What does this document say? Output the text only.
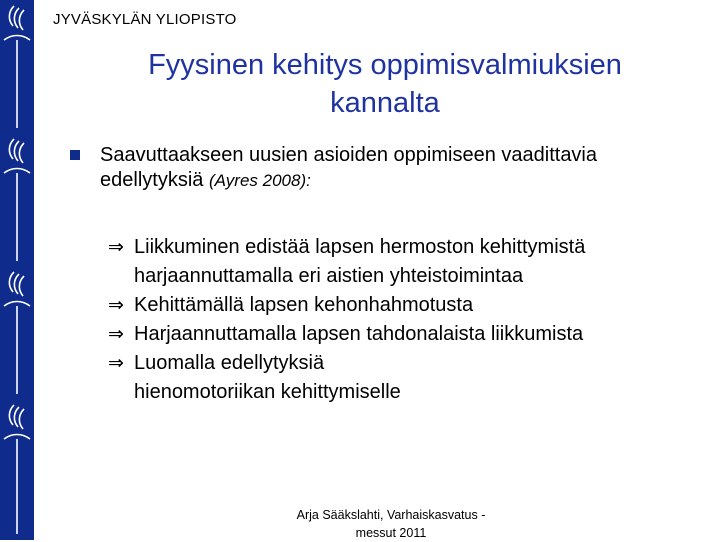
JYVÄSKYLÄN YLIOPISTO
Fyysinen kehitys oppimisvalmiuksien
kannalta
Saavuttaakseen uusien asioiden oppimiseen vaadittavia edellytyksiä (Ayres 2008):
⇒ Liikkuminen edistää lapsen hermoston kehittymistä
harjaannuttamalla eri aistien yhteistoimintaa
⇒ Kehittämällä lapsen kehonhahmotusta
⇒ Harjaannuttamalla lapsen tahdonalaista liikkumista
⇒ Luomalla edellytyksiä
hienomotoriikan kehittymiselle
Arja Sääkslahti, Varhaiskasvatus -
messut 2011
